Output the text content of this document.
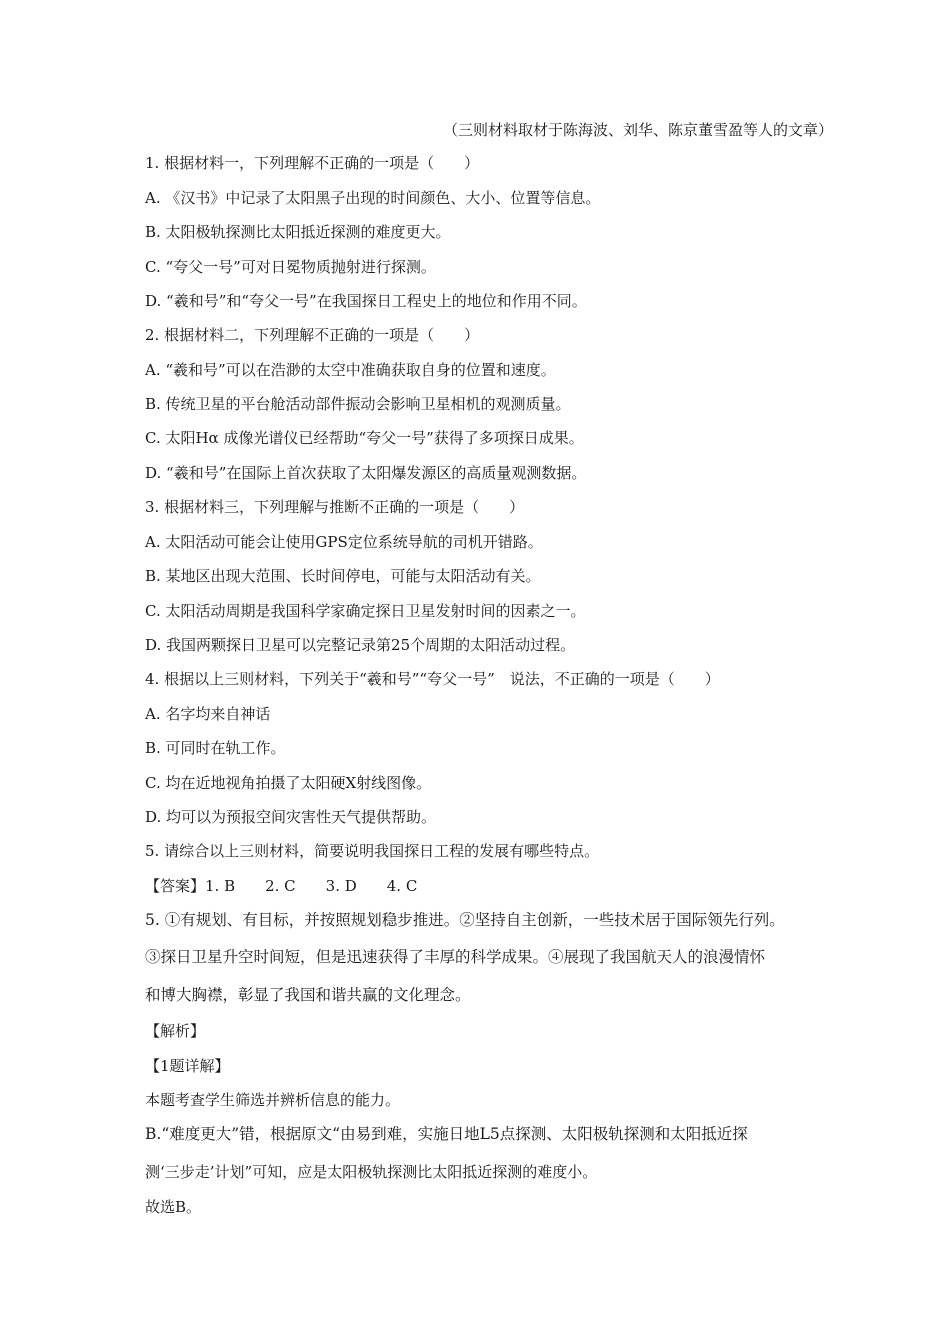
（三则材料取材于陈海波、刘华、陈京董雪盈等人的文章）
1. 根据材料一，下列理解不正确的一项是（　　）
A. 《汉书》中记录了太阳黑子出现的时间颜色、大小、位置等信息。
B. 太阳极轨探测比太阳抵近探测的难度更大。
C. “夸父一号”可对日冕物质抛射进行探测。
D. “羲和号”和“夸父一号”在我国探日工程史上的地位和作用不同。
2. 根据材料二，下列理解不正确的一项是（　　）
A. “羲和号”可以在浩渺的太空中准确获取自身的位置和速度。
B. 传统卫星的平台舱活动部件振动会影响卫星相机的观测质量。
C. 太阳Hα 成像光谱仪已经帮助“夸父一号”获得了多项探日成果。
D. “羲和号”在国际上首次获取了太阳爆发源区的高质量观测数据。
3. 根据材料三，下列理解与推断不正确的一项是（　　）
A. 太阳活动可能会让使用GPS定位系统导航的司机开错路。
B. 某地区出现大范围、长时间停电，可能与太阳活动有关。
C. 太阳活动周期是我国科学家确定探日卫星发射时间的因素之一。
D. 我国两颗探日卫星可以完整记录第25个周期的太阳活动过程。
4. 根据以上三则材料，下列关于“羲和号”“夸父一号”　说法，不正确的一项是（　　）
A. 名字均来自神话
B. 可同时在轨工作。
C. 均在近地视角拍摄了太阳硬X射线图像。
D. 均可以为预报空间灾害性天气提供帮助。
5. 请综合以上三则材料，简要说明我国探日工程的发展有哪些特点。
【答案】1. B　　2. C　　3. D　　4. C
5. ①有规划、有目标，并按照规划稳步推进。②坚持自主创新，一些技术居于国际领先行列。
③探日卫星升空时间短，但是迅速获得了丰厚的科学成果。④展现了我国航天人的浪漫情怀
和博大胸襟，彰显了我国和谐共赢的文化理念。
【解析】
【1题详解】
本题考查学生筛选并辨析信息的能力。
B.“难度更大”错，根据原文“由易到难，实施日地L5点探测、太阳极轨探测和太阳抵近探
测‘三步走’计划”可知，应是太阳极轨探测比太阳抵近探测的难度小。
故选B。
